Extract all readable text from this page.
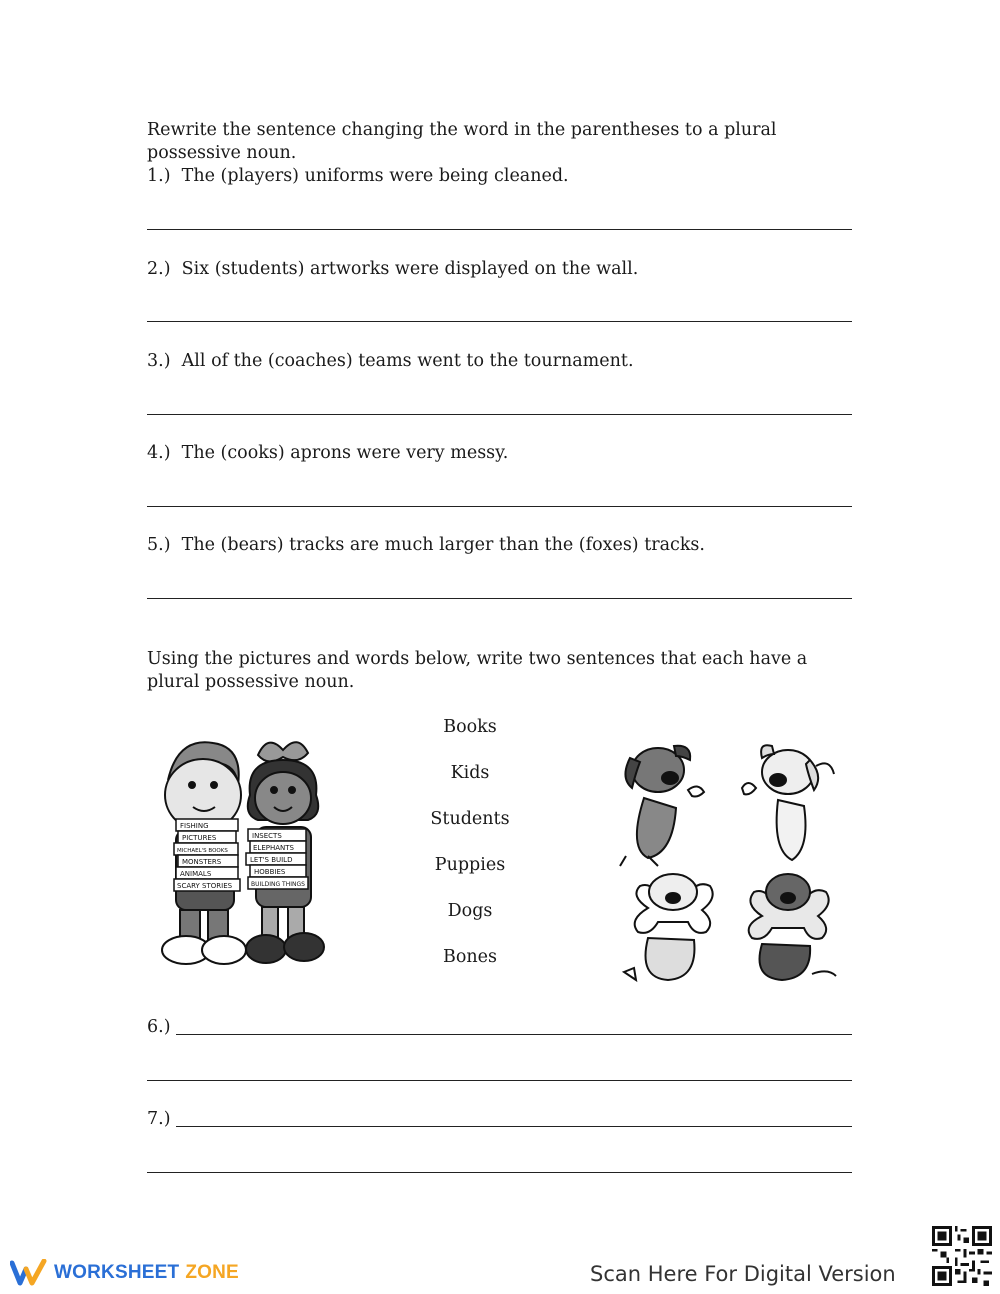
Rewrite the sentence changing the word in the parentheses to a plural possessive noun.
1.) The (players) uniforms were being cleaned.
2.) Six (students) artworks were displayed on the wall.
3.) All of the (coaches) teams went to the tournament.
4.) The (cooks) aprons were very messy.
5.) The (bears) tracks are much larger than the (foxes) tracks.
Using the pictures and words below, write two sentences that each have a plural possessive noun.
FISHING
PICTURES
MICHAEL'S BOOKS
MONSTERS
ANIMALS
SCARY STORIES
INSECTS
ELEPHANTS
LET'S BUILD
HOBBIES
BUILDING THINGS
Books
Kids
Students
Puppies
Dogs
Bones
6.)
7.)
WORKSHEET ZONE	Scan Here For Digital Version
